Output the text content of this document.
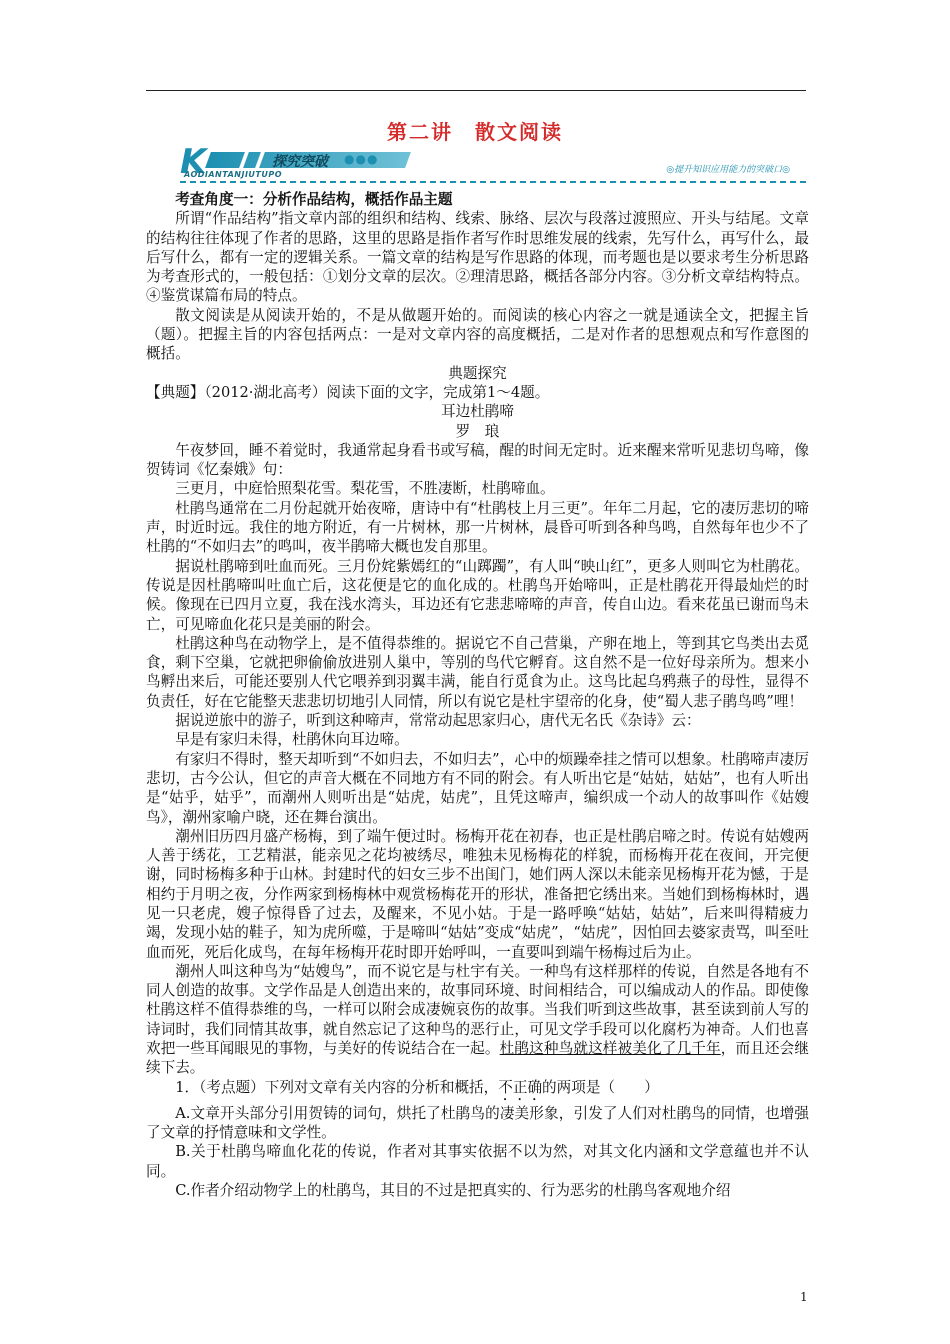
第二讲　散文阅读
K	探究突破 ●●●
AODIANTANJIUTUPO	◎提升知识应用能力的突破口◎

考查角度一：分析作品结构，概括作品主题

所谓“作品结构”指文章内部的组织和结构、线索、脉络、层次与段落过渡照应、开头与结尾。文章的结构往往体现了作者的思路，这里的思路是指作者写作时思维发展的线索，先写什么，再写什么，最后写什么，都有一定的逻辑关系。一篇文章的结构是写作思路的体现，而考题也是以要求考生分析思路为考查形式的，一般包括：①划分文章的层次。②理清思路，概括各部分内容。③分析文章结构特点。④鉴赏谋篇布局的特点。

散文阅读是从阅读开始的，不是从做题开始的。而阅读的核心内容之一就是通读全文，把握主旨（题）。把握主旨的内容包括两点：一是对文章内容的高度概括，二是对作者的思想观点和写作意图的概括。

典题探究

【典题】（2012·湖北高考）阅读下面的文字，完成第1～4题。

耳边杜鹃啼

罗　琅

午夜梦回，睡不着觉时，我通常起身看书或写稿，醒的时间无定时。近来醒来常听见悲切鸟啼，像贺铸词《忆秦娥》句：

三更月，中庭恰照梨花雪。梨花雪，不胜凄断，杜鹃啼血。

杜鹃鸟通常在二月份起就开始夜啼，唐诗中有“杜鹃枝上月三更”。年年二月起，它的凄厉悲切的啼声，时近时远。我住的地方附近，有一片树林，那一片树林，晨昏可听到各种鸟鸣，自然每年也少不了杜鹃的“不如归去”的鸣叫，夜半鹃啼大概也发自那里。

据说杜鹃啼到吐血而死。三月份姹紫嫣红的“山踯躅”，有人叫“映山红”，更多人则叫它为杜鹃花。传说是因杜鹃啼叫吐血亡后，这花便是它的血化成的。杜鹃鸟开始啼叫，正是杜鹃花开得最灿烂的时候。像现在已四月立夏，我在浅水湾头，耳边还有它悲悲啼啼的声音，传自山边。看来花虽已谢而鸟未亡，可见啼血化花只是美丽的附会。

杜鹃这种鸟在动物学上，是不值得恭维的。据说它不自己营巢，产卵在地上，等到其它鸟类出去觅食，剩下空巢，它就把卵偷偷放进别人巢中，等别的鸟代它孵育。这自然不是一位好母亲所为。想来小鸟孵出来后，可能还要别人代它喂养到羽翼丰满，能自行觅食为止。这鸟比起乌鸦燕子的母性，显得不负责任，好在它能整天悲悲切切地引人同情，所以有说它是杜宇望帝的化身，使“蜀人悲子鹃鸟鸣”哩！

据说逆旅中的游子，听到这种啼声，常常动起思家归心，唐代无名氏《杂诗》云：

早是有家归未得，杜鹃休向耳边啼。

有家归不得时，整天却听到“不如归去，不如归去”，心中的烦躁牵挂之情可以想象。杜鹃啼声凄厉悲切，古今公认，但它的声音大概在不同地方有不同的附会。有人听出它是“姑姑，姑姑”，也有人听出是“姑乎，姑乎”，而潮州人则听出是“姑虎，姑虎”，且凭这啼声，编织成一个动人的故事叫作《姑嫂鸟》，潮州家喻户晓，还在舞台演出。

潮州旧历四月盛产杨梅，到了端午便过时。杨梅开花在初春，也正是杜鹃启啼之时。传说有姑嫂两人善于绣花，工艺精湛，能亲见之花均被绣尽，唯独未见杨梅花的样貌，而杨梅开花在夜间，开完便谢，同时杨梅多种于山林。封建时代的妇女三步不出闺门，她们两人深以未能亲见杨梅开花为憾，于是相约于月明之夜，分作两家到杨梅林中观赏杨梅花开的形状，准备把它绣出来。当她们到杨梅林时，遇见一只老虎，嫂子惊得昏了过去，及醒来，不见小姑。于是一路呼唤“姑姑，姑姑”，后来叫得精疲力竭，发现小姑的鞋子，知为虎所噬，于是啼叫“姑姑”变成“姑虎”，“姑虎”，因怕回去婆家责骂，叫至吐血而死，死后化成鸟，在每年杨梅开花时即开始呼叫，一直要叫到端午杨梅过后为止。

潮州人叫这种鸟为“姑嫂鸟”，而不说它是与杜宇有关。一种鸟有这样那样的传说，自然是各地有不同人创造的故事。文学作品是人创造出来的，故事同环境、时间相结合，可以编成动人的作品。即使像杜鹃这样不值得恭维的鸟，一样可以附会成凄婉哀伤的故事。当我们听到这些故事，甚至读到前人写的诗词时，我们同情其故事，就自然忘记了这种鸟的恶行止，可见文学手段可以化腐朽为神奇。人们也喜欢把一些耳闻眼见的事物，与美好的传说结合在一起。杜鹃这种鸟就这样被美化了几千年，而且还会继续下去。

1．（考点题）下列对文章有关内容的分析和概括，不正确的两项是（　　）

A.文章开头部分引用贺铸的词句，烘托了杜鹃鸟的凄美形象，引发了人们对杜鹃鸟的同情，也增强了文章的抒情意味和文学性。

B.关于杜鹃鸟啼血化花的传说，作者对其事实依据不以为然，对其文化内涵和文学意蕴也并不认同。

C.作者介绍动物学上的杜鹃鸟，其目的不过是把真实的、行为恶劣的杜鹃鸟客观地介绍

1
